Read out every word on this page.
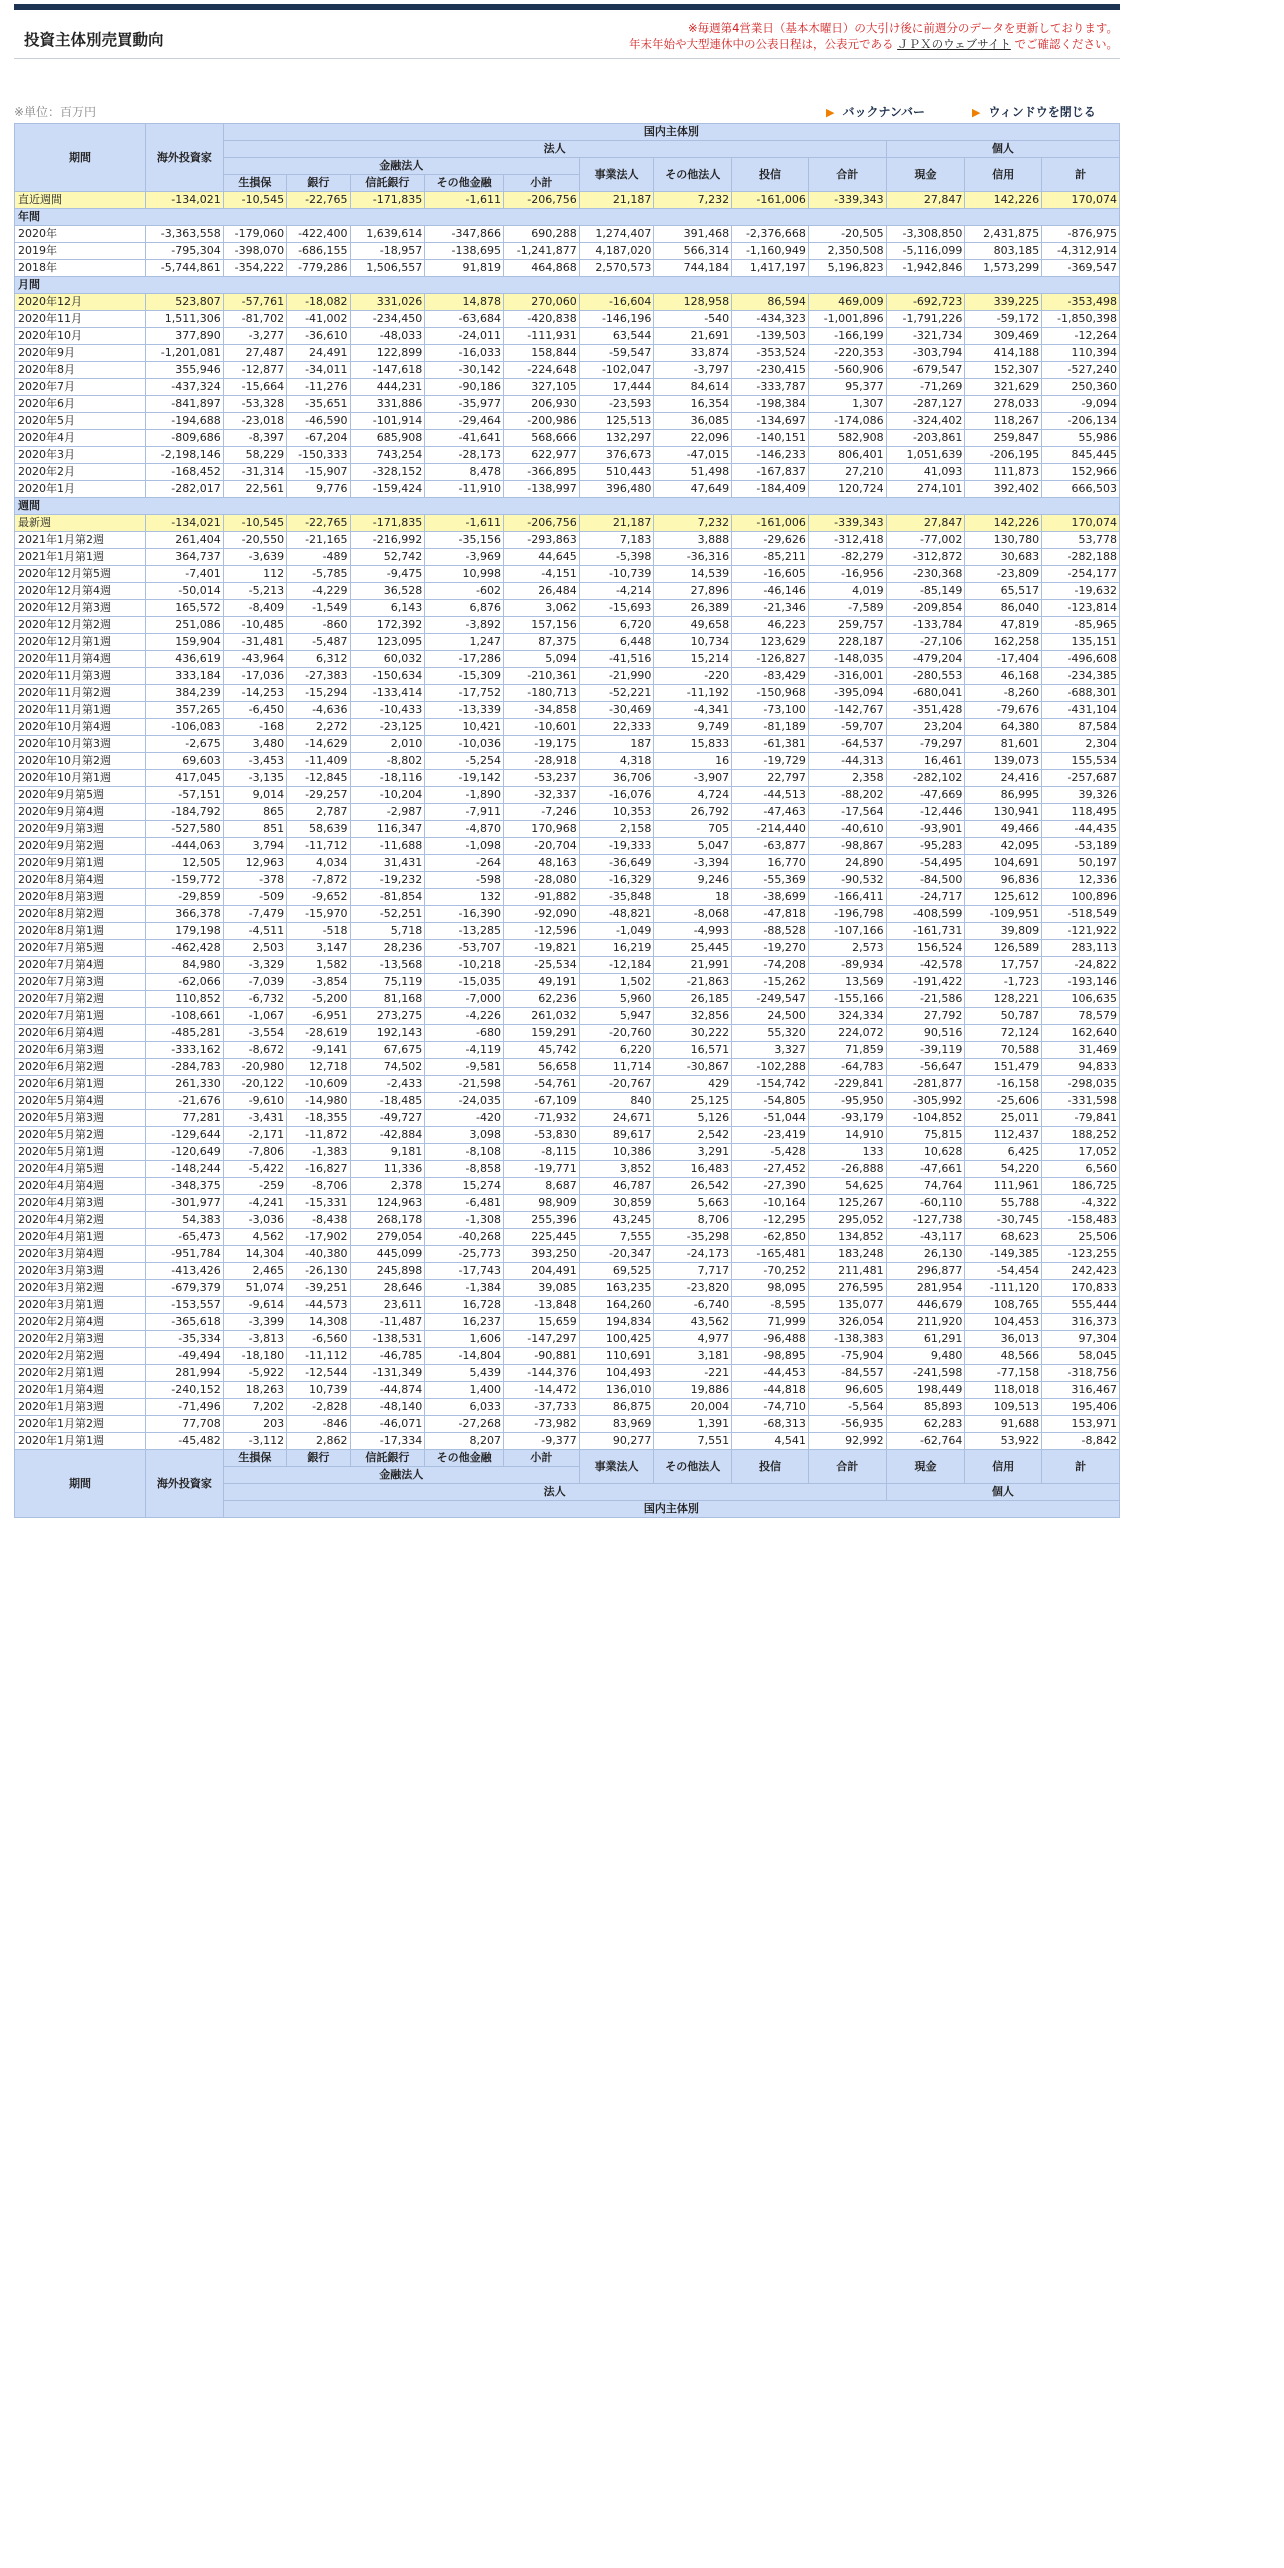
投資主体別売買動向
※毎週第4営業日（基本木曜日）の大引け後に前週分のデータを更新しております。
年末年始や大型連休中の公表日程は，公表元である ＪＰＸのウェブサイト でご確認ください。
※単位：百万円	▶ バックナンバー	▶ ウィンドウを閉じる
期間	海外投資家	国内主体別											
		法人									個人		
		金融法人					事業法人	その他法人	投信	合計	現金	信用	計
		生損保	銀行	信託銀行	その他金融	小計							

直近週間	-134,021	-10,545	-22,765	-171,835	-1,611	-206,756	21,187	7,232	-161,006	-339,343	27,847	142,226	170,074
年間													
2020年	-3,363,558	-179,060	-422,400	1,639,614	-347,866	690,288	1,274,407	391,468	-2,376,668	-20,505	-3,308,850	2,431,875	-876,975
2019年	-795,304	-398,070	-686,155	-18,957	-138,695	-1,241,877	4,187,020	566,314	-1,160,949	2,350,508	-5,116,099	803,185	-4,312,914
2018年	-5,744,861	-354,222	-779,286	1,506,557	91,819	464,868	2,570,573	744,184	1,417,197	5,196,823	-1,942,846	1,573,299	-369,547
月間													
2020年12月	523,807	-57,761	-18,082	331,026	14,878	270,060	-16,604	128,958	86,594	469,009	-692,723	339,225	-353,498
2020年11月	1,511,306	-81,702	-41,002	-234,450	-63,684	-420,838	-146,196	-540	-434,323	-1,001,896	-1,791,226	-59,172	-1,850,398
2020年10月	377,890	-3,277	-36,610	-48,033	-24,011	-111,931	63,544	21,691	-139,503	-166,199	-321,734	309,469	-12,264
2020年9月	-1,201,081	27,487	24,491	122,899	-16,033	158,844	-59,547	33,874	-353,524	-220,353	-303,794	414,188	110,394
2020年8月	355,946	-12,877	-34,011	-147,618	-30,142	-224,648	-102,047	-3,797	-230,415	-560,906	-679,547	152,307	-527,240
2020年7月	-437,324	-15,664	-11,276	444,231	-90,186	327,105	17,444	84,614	-333,787	95,377	-71,269	321,629	250,360
2020年6月	-841,897	-53,328	-35,651	331,886	-35,977	206,930	-23,593	16,354	-198,384	1,307	-287,127	278,033	-9,094
2020年5月	-194,688	-23,018	-46,590	-101,914	-29,464	-200,986	125,513	36,085	-134,697	-174,086	-324,402	118,267	-206,134
2020年4月	-809,686	-8,397	-67,204	685,908	-41,641	568,666	132,297	22,096	-140,151	582,908	-203,861	259,847	55,986
2020年3月	-2,198,146	58,229	-150,333	743,254	-28,173	622,977	376,673	-47,015	-146,233	806,401	1,051,639	-206,195	845,445
2020年2月	-168,452	-31,314	-15,907	-328,152	8,478	-366,895	510,443	51,498	-167,837	27,210	41,093	111,873	152,966
2020年1月	-282,017	22,561	9,776	-159,424	-11,910	-138,997	396,480	47,649	-184,409	120,724	274,101	392,402	666,503
週間													
最新週	-134,021	-10,545	-22,765	-171,835	-1,611	-206,756	21,187	7,232	-161,006	-339,343	27,847	142,226	170,074
2021年1月第2週	261,404	-20,550	-21,165	-216,992	-35,156	-293,863	7,183	3,888	-29,626	-312,418	-77,002	130,780	53,778
2021年1月第1週	364,737	-3,639	-489	52,742	-3,969	44,645	-5,398	-36,316	-85,211	-82,279	-312,872	30,683	-282,188
2020年12月第5週	-7,401	112	-5,785	-9,475	10,998	-4,151	-10,739	14,539	-16,605	-16,956	-230,368	-23,809	-254,177
2020年12月第4週	-50,014	-5,213	-4,229	36,528	-602	26,484	-4,214	27,896	-46,146	4,019	-85,149	65,517	-19,632
2020年12月第3週	165,572	-8,409	-1,549	6,143	6,876	3,062	-15,693	26,389	-21,346	-7,589	-209,854	86,040	-123,814
2020年12月第2週	251,086	-10,485	-860	172,392	-3,892	157,156	6,720	49,658	46,223	259,757	-133,784	47,819	-85,965
2020年12月第1週	159,904	-31,481	-5,487	123,095	1,247	87,375	6,448	10,734	123,629	228,187	-27,106	162,258	135,151
2020年11月第4週	436,619	-43,964	6,312	60,032	-17,286	5,094	-41,516	15,214	-126,827	-148,035	-479,204	-17,404	-496,608
2020年11月第3週	333,184	-17,036	-27,383	-150,634	-15,309	-210,361	-21,990	-220	-83,429	-316,001	-280,553	46,168	-234,385
2020年11月第2週	384,239	-14,253	-15,294	-133,414	-17,752	-180,713	-52,221	-11,192	-150,968	-395,094	-680,041	-8,260	-688,301
2020年11月第1週	357,265	-6,450	-4,636	-10,433	-13,339	-34,858	-30,469	-4,341	-73,100	-142,767	-351,428	-79,676	-431,104
2020年10月第4週	-106,083	-168	2,272	-23,125	10,421	-10,601	22,333	9,749	-81,189	-59,707	23,204	64,380	87,584
2020年10月第3週	-2,675	3,480	-14,629	2,010	-10,036	-19,175	187	15,833	-61,381	-64,537	-79,297	81,601	2,304
2020年10月第2週	69,603	-3,453	-11,409	-8,802	-5,254	-28,918	4,318	16	-19,729	-44,313	16,461	139,073	155,534
2020年10月第1週	417,045	-3,135	-12,845	-18,116	-19,142	-53,237	36,706	-3,907	22,797	2,358	-282,102	24,416	-257,687
2020年9月第5週	-57,151	9,014	-29,257	-10,204	-1,890	-32,337	-16,076	4,724	-44,513	-88,202	-47,669	86,995	39,326
2020年9月第4週	-184,792	865	2,787	-2,987	-7,911	-7,246	10,353	26,792	-47,463	-17,564	-12,446	130,941	118,495
2020年9月第3週	-527,580	851	58,639	116,347	-4,870	170,968	2,158	705	-214,440	-40,610	-93,901	49,466	-44,435
2020年9月第2週	-444,063	3,794	-11,712	-11,688	-1,098	-20,704	-19,333	5,047	-63,877	-98,867	-95,283	42,095	-53,189
2020年9月第1週	12,505	12,963	4,034	31,431	-264	48,163	-36,649	-3,394	16,770	24,890	-54,495	104,691	50,197
2020年8月第4週	-159,772	-378	-7,872	-19,232	-598	-28,080	-16,329	9,246	-55,369	-90,532	-84,500	96,836	12,336
2020年8月第3週	-29,859	-509	-9,652	-81,854	132	-91,882	-35,848	18	-38,699	-166,411	-24,717	125,612	100,896
2020年8月第2週	366,378	-7,479	-15,970	-52,251	-16,390	-92,090	-48,821	-8,068	-47,818	-196,798	-408,599	-109,951	-518,549
2020年8月第1週	179,198	-4,511	-518	5,718	-13,285	-12,596	-1,049	-4,993	-88,528	-107,166	-161,731	39,809	-121,922
2020年7月第5週	-462,428	2,503	3,147	28,236	-53,707	-19,821	16,219	25,445	-19,270	2,573	156,524	126,589	283,113
2020年7月第4週	84,980	-3,329	1,582	-13,568	-10,218	-25,534	-12,184	21,991	-74,208	-89,934	-42,578	17,757	-24,822
2020年7月第3週	-62,066	-7,039	-3,854	75,119	-15,035	49,191	1,502	-21,863	-15,262	13,569	-191,422	-1,723	-193,146
2020年7月第2週	110,852	-6,732	-5,200	81,168	-7,000	62,236	5,960	26,185	-249,547	-155,166	-21,586	128,221	106,635
2020年7月第1週	-108,661	-1,067	-6,951	273,275	-4,226	261,032	5,947	32,856	24,500	324,334	27,792	50,787	78,579
2020年6月第4週	-485,281	-3,554	-28,619	192,143	-680	159,291	-20,760	30,222	55,320	224,072	90,516	72,124	162,640
2020年6月第3週	-333,162	-8,672	-9,141	67,675	-4,119	45,742	6,220	16,571	3,327	71,859	-39,119	70,588	31,469
2020年6月第2週	-284,783	-20,980	12,718	74,502	-9,581	56,658	11,714	-30,867	-102,288	-64,783	-56,647	151,479	94,833
2020年6月第1週	261,330	-20,122	-10,609	-2,433	-21,598	-54,761	-20,767	429	-154,742	-229,841	-281,877	-16,158	-298,035
2020年5月第4週	-21,676	-9,610	-14,980	-18,485	-24,035	-67,109	840	25,125	-54,805	-95,950	-305,992	-25,606	-331,598
2020年5月第3週	77,281	-3,431	-18,355	-49,727	-420	-71,932	24,671	5,126	-51,044	-93,179	-104,852	25,011	-79,841
2020年5月第2週	-129,644	-2,171	-11,872	-42,884	3,098	-53,830	89,617	2,542	-23,419	14,910	75,815	112,437	188,252
2020年5月第1週	-120,649	-7,806	-1,383	9,181	-8,108	-8,115	10,386	3,291	-5,428	133	10,628	6,425	17,052
2020年4月第5週	-148,244	-5,422	-16,827	11,336	-8,858	-19,771	3,852	16,483	-27,452	-26,888	-47,661	54,220	6,560
2020年4月第4週	-348,375	-259	-8,706	2,378	15,274	8,687	46,787	26,542	-27,390	54,625	74,764	111,961	186,725
2020年4月第3週	-301,977	-4,241	-15,331	124,963	-6,481	98,909	30,859	5,663	-10,164	125,267	-60,110	55,788	-4,322
2020年4月第2週	54,383	-3,036	-8,438	268,178	-1,308	255,396	43,245	8,706	-12,295	295,052	-127,738	-30,745	-158,483
2020年4月第1週	-65,473	4,562	-17,902	279,054	-40,268	225,445	7,555	-35,298	-62,850	134,852	-43,117	68,623	25,506
2020年3月第4週	-951,784	14,304	-40,380	445,099	-25,773	393,250	-20,347	-24,173	-165,481	183,248	26,130	-149,385	-123,255
2020年3月第3週	-413,426	2,465	-26,130	245,898	-17,743	204,491	69,525	7,717	-70,252	211,481	296,877	-54,454	242,423
2020年3月第2週	-679,379	51,074	-39,251	28,646	-1,384	39,085	163,235	-23,820	98,095	276,595	281,954	-111,120	170,833
2020年3月第1週	-153,557	-9,614	-44,573	23,611	16,728	-13,848	164,260	-6,740	-8,595	135,077	446,679	108,765	555,444
2020年2月第4週	-365,618	-3,399	14,308	-11,487	16,237	15,659	194,834	43,562	71,999	326,054	211,920	104,453	316,373
2020年2月第3週	-35,334	-3,813	-6,560	-138,531	1,606	-147,297	100,425	4,977	-96,488	-138,383	61,291	36,013	97,304
2020年2月第2週	-49,494	-18,180	-11,112	-46,785	-14,804	-90,881	110,691	3,181	-98,895	-75,904	9,480	48,566	58,045
2020年2月第1週	281,994	-5,922	-12,544	-131,349	5,439	-144,376	104,493	-221	-44,453	-84,557	-241,598	-77,158	-318,756
2020年1月第4週	-240,152	18,263	10,739	-44,874	1,400	-14,472	136,010	19,886	-44,818	96,605	198,449	118,018	316,467
2020年1月第3週	-71,496	7,202	-2,828	-48,140	6,033	-37,733	86,875	20,004	-74,710	-5,564	85,893	109,513	195,406
2020年1月第2週	77,708	203	-846	-46,071	-27,268	-73,982	83,969	1,391	-68,313	-56,935	62,283	91,688	153,971
2020年1月第1週	-45,482	-3,112	2,862	-17,334	8,207	-9,377	90,277	7,551	4,541	92,992	-62,764	53,922	-8,842
期間	海外投資家	生損保	銀行	信託銀行	その他金融	小計	事業法人	その他法人	投信	合計	現金	信用	計
		金融法人											
		法人									個人		
		国内主体別											
